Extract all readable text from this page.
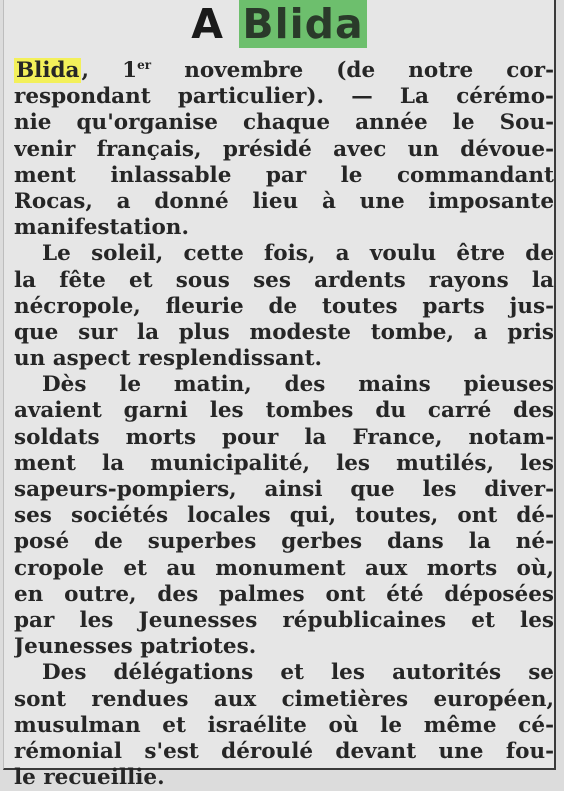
A Blida
Blida, 1er novembre (de notre cor-
respondant particulier). — La cérémo-
nie qu'organise chaque année le Sou-
venir français, présidé avec un dévoue-
ment inlassable par le commandant
Rocas, a donné lieu à une imposante
manifestation.
Le soleil, cette fois, a voulu être de
la fête et sous ses ardents rayons la
nécropole, fleurie de toutes parts jus-
que sur la plus modeste tombe, a pris
un aspect resplendissant.
Dès le matin, des mains pieuses
avaient garni les tombes du carré des
soldats morts pour la France, notam-
ment la municipalité, les mutilés, les
sapeurs-pompiers, ainsi que les diver-
ses sociétés locales qui, toutes, ont dé-
posé de superbes gerbes dans la né-
cropole et au monument aux morts où,
en outre, des palmes ont été déposées
par les Jeunesses républicaines et les
Jeunesses patriotes.
Des délégations et les autorités se
sont rendues aux cimetières européen,
musulman et israélite où le même cé-
rémonial s'est déroulé devant une fou-
le recueillie.
